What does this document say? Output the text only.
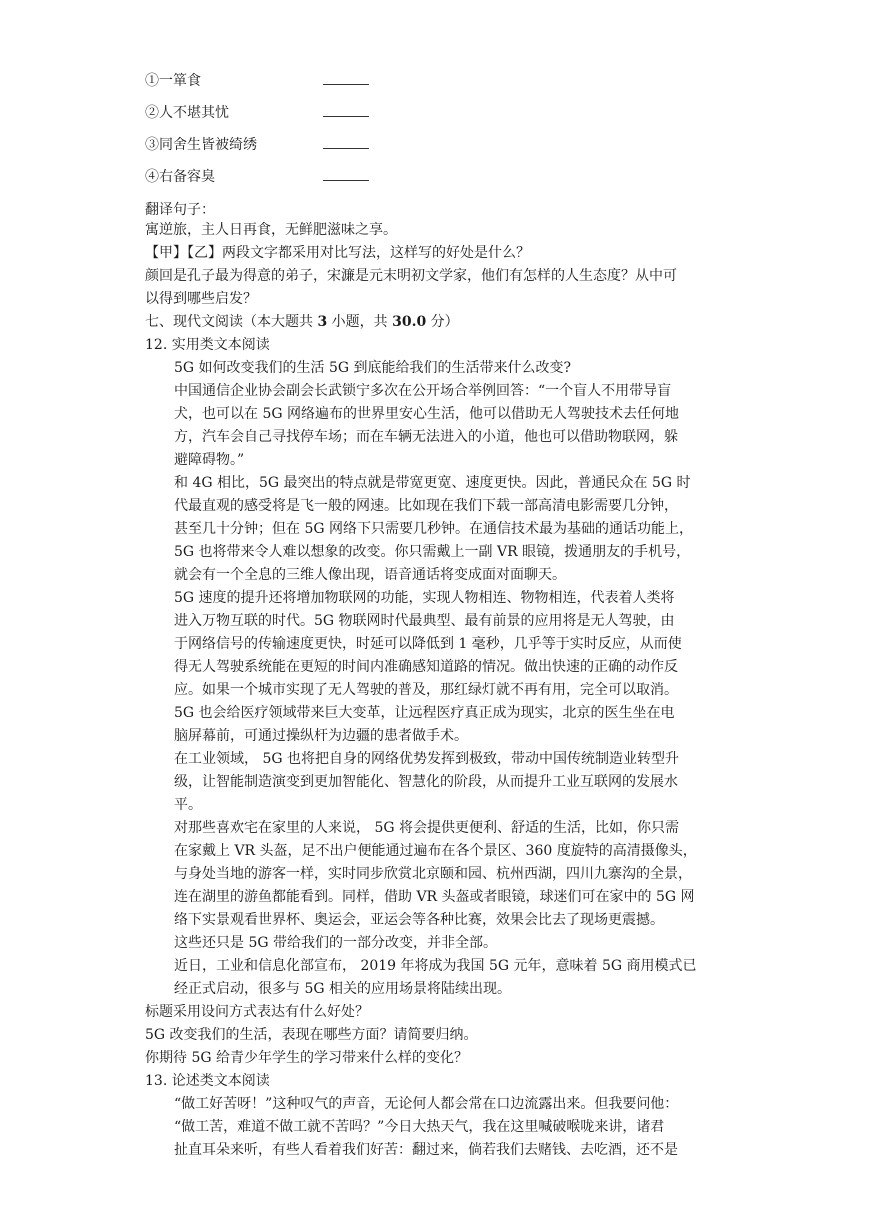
①一箪食
②人不堪其忧
③同舍生皆被绮绣
④右备容臭
翻译句子：
寓逆旅，主人日再食，无鲜肥滋味之享。
【甲】【乙】两段文字都采用对比写法，这样写的好处是什么？
颜回是孔子最为得意的弟子，宋濂是元末明初文学家，他们有怎样的人生态度？从中可
以得到哪些启发？
七、现代文阅读（本大题共 3 小题，共 30.0 分）
12. 实用类文本阅读
5G 如何改变我们的生活 5G 到底能给我们的生活带来什么改变?
中国通信企业协会副会长武锁宁多次在公开场合举例回答：“一个盲人不用带导盲
犬，也可以在 5G 网络遍布的世界里安心生活，他可以借助无人驾驶技术去任何地
方，汽车会自己寻找停车场；而在车辆无法进入的小道，他也可以借助物联网，躲
避障碍物。”
和 4G 相比，5G 最突出的特点就是带宽更宽、速度更快。因此，普通民众在 5G 时
代最直观的感受将是飞一般的网速。比如现在我们下载一部高清电影需要几分钟，
甚至几十分钟；但在 5G 网络下只需要几秒钟。在通信技术最为基础的通话功能上，
5G 也将带来令人难以想象的改变。你只需戴上一副 VR 眼镜，拨通朋友的手机号，
就会有一个全息的三维人像出现，语音通话将变成面对面聊天。
5G 速度的提升还将增加物联网的功能，实现人物相连、物物相连，代表着人类将
进入万物互联的时代。5G 物联网时代最典型、最有前景的应用将是无人驾驶，由
于网络信号的传输速度更快，时延可以降低到 1 毫秒，几乎等于实时反应，从而使
得无人驾驶系统能在更短的时间内准确感知道路的情况。做出快速的正确的动作反
应。如果一个城市实现了无人驾驶的普及，那红绿灯就不再有用，完全可以取消。
5G 也会给医疗领域带来巨大变革，让远程医疗真正成为现实，北京的医生坐在电
脑屏幕前，可通过操纵杆为边疆的患者做手术。
在工业领域， 5G 也将把自身的网络优势发挥到极致，带动中国传统制造业转型升
级，让智能制造演变到更加智能化、智慧化的阶段，从而提升工业互联网的发展水
平。
对那些喜欢宅在家里的人来说， 5G 将会提供更便利、舒适的生活，比如，你只需
在家戴上 VR 头盔，足不出户便能通过遍布在各个景区、360 度旋特的高清摄像头，
与身处当地的游客一样，实时同步欣赏北京颐和园、杭州西湖，四川九寨沟的全景，
连在湖里的游鱼都能看到。同样，借助 VR 头盔或者眼镜，球迷们可在家中的 5G 网
络下实景观看世界杯、奥运会，亚运会等各种比赛，效果会比去了现场更震撼。
这些还只是 5G 带给我们的一部分改变，并非全部。
近日，工业和信息化部宣布， 2019 年将成为我国 5G 元年，意味着 5G 商用模式已
经正式启动，很多与 5G 相关的应用场景将陆续出现。
标题采用设问方式表达有什么好处？
5G 改变我们的生活，表现在哪些方面？请简要归纳。
你期待 5G 给青少年学生的学习带来什么样的变化？
13. 论述类文本阅读
“做工好苦呀！”这种叹气的声音，无论何人都会常在口边流露出来。但我要问他：
“做工苦，难道不做工就不苦吗？”今日大热天气，我在这里喊破喉咙来讲，诸君
扯直耳朵来听，有些人看着我们好苦：翻过来，倘若我们去赌钱、去吃酒，还不是
